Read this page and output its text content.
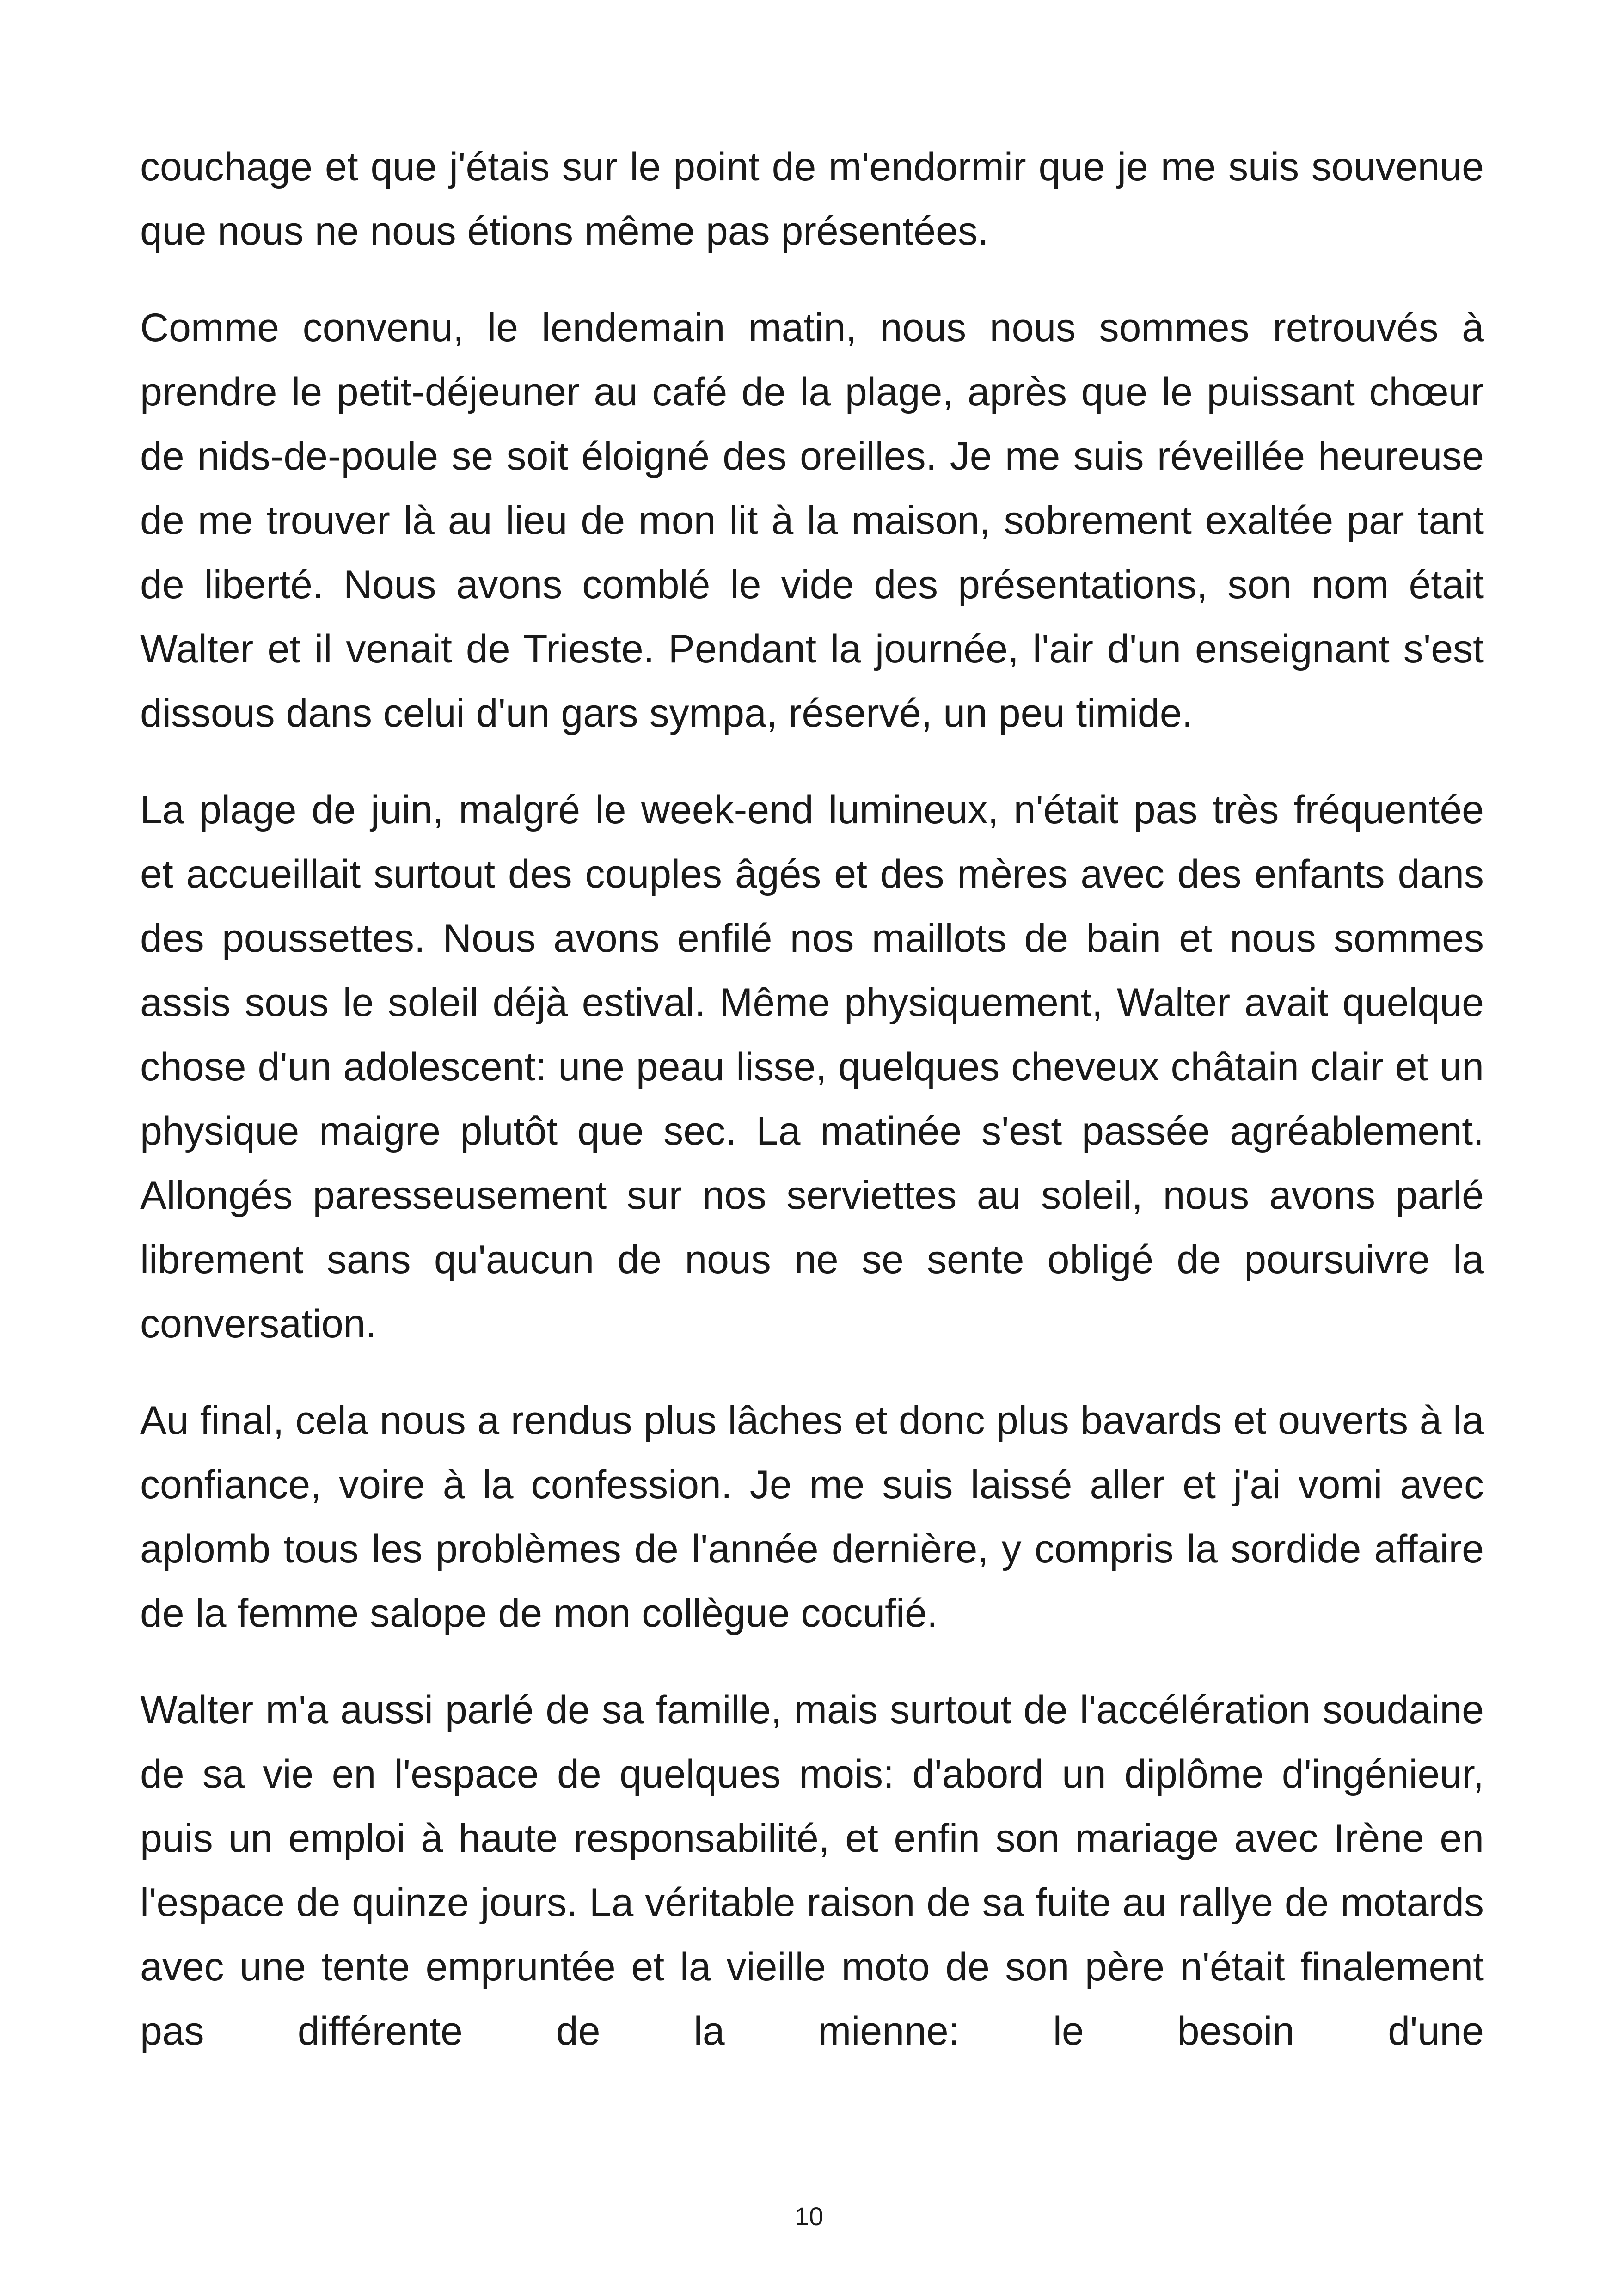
couchage et que j'étais sur le point de m'endormir que je me suis souvenue que nous ne nous étions même pas présentées.

Comme convenu, le lendemain matin, nous nous sommes retrouvés à prendre le petit-déjeuner au café de la plage, après que le puissant chœur de nids-de-poule se soit éloigné des oreilles. Je me suis réveillée heureuse de me trouver là au lieu de mon lit à la maison, sobrement exaltée par tant de liberté. Nous avons comblé le vide des présentations, son nom était Walter et il venait de Trieste. Pendant la journée, l'air d'un enseignant s'est dissous dans celui d'un gars sympa, réservé, un peu timide.

La plage de juin, malgré le week-end lumineux, n'était pas très fréquentée et accueillait surtout des couples âgés et des mères avec des enfants dans des poussettes. Nous avons enfilé nos maillots de bain et nous sommes assis sous le soleil déjà estival. Même physiquement, Walter avait quelque chose d'un adolescent: une peau lisse, quelques cheveux châtain clair et un physique maigre plutôt que sec. La matinée s'est passée agréablement. Allongés paresseusement sur nos serviettes au soleil, nous avons parlé librement sans qu'aucun de nous ne se sente obligé de poursuivre la conversation.

Au final, cela nous a rendus plus lâches et donc plus bavards et ouverts à la confiance, voire à la confession. Je me suis laissé aller et j'ai vomi avec aplomb tous les problèmes de l'année dernière, y compris la sordide affaire de la femme salope de mon collègue cocufié.

Walter m'a aussi parlé de sa famille, mais surtout de l'accélération soudaine de sa vie en l'espace de quelques mois: d'abord un diplôme d'ingénieur, puis un emploi à haute responsabilité, et enfin son mariage avec Irène en l'espace de quinze jours. La véritable raison de sa fuite au rallye de motards avec une tente empruntée et la vieille moto de son père n'était finalement pas différente de la mienne: le besoin d'une

10
